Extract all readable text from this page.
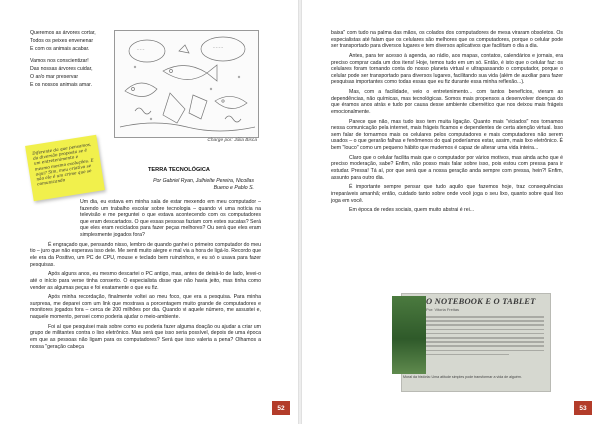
Queremos as árvores cortar,

Todos os peixes envenenar

E com os animais acabar.

Vamos nos conscientizar!

Das nossas árvores cuidar,

O ar/o mar preservar

E os nossos animais amar.

~ ~ ~	~ ~ ~ ~
Charge por: Júlia Bisca
Diferente da que pensamos, da diversão proposta se é um entretenimento e mesmo mesmo evoluções. E aqui? Sim, meu criativo se não ele é um crime que se comunicando
TERRA TECNOLÓGICA
Por Gabriel Ryan, Julhielte Pereira, Nicollas
Bueno e Pablo S.

Um dia, eu estava em minha sala de estar mexendo em meu computador – fazendo um trabalho escolar sobre tecnologia – quando vi uma notícia na televisão e me perguntei o que estava acontecendo com os computadores que eram descartados. O que essas pessoas faziam com estes sucatas? Será que eles eram reciclados para fazer peças melhores? Ou será que eles eram simplesmente jogados fora?

É engraçado que, pensando nisso, lembro de quando ganhei o primeiro computador do meu tio – juro que não esperava isso dele. Me senti muito alegre e mal via a hora de ligá-lo. Recordo que ele era da Positivo, um PC de CPU, mouse e teclado bem ruinzinhos, e eu só o usava para fazer pesquisas.

Após alguns anos, eu mesmo descartei o PC antigo, mas, antes de deixá-lo de lado, levei-o até o início para verse tinha conserto. O especialista disse que não havia jeito, mas tinha como vender as algumas peças e foi exatamente o que eu fiz.

Após minha recordação, finalmente voltei ao meu foco, que era a pesquisa. Para minha surpresa, me deparei com um link que mostrava a porcentagem muito grande de computadores e monitores jogados fora – cerca de 200 milhões por dia. Quando vi aquele número, me assustei e, naquele momento, pensei como poderia ajudar o meio-ambiente.

Foi aí que pesquisei mais sobre como eu poderia fazer alguma doação ou ajudar a criar um grupo de militantes contra o lixo eletrônico. Mas será que isso seria possível, depois de uma época em que as pessoas não ligam para os computadores? Será que isso valeria a pena? Olhamos a nossa "geração cabeça

52

baixa" com tudo na palma das mãos, os colados dos computadores de mesa viraram obsoletos. Os especialistas até falam que os celulares são melhores que os computadores, porque o celular pode ser transportado para diversos lugares e tem diversos aplicativos que facilitam o dia a dia.

Antes, para ter acesso à agenda, ao rádio, aos mapas, contatos, calendários e jornais, era preciso comprar cada um dos itens! Hoje, temos tudo em um só. Então, é isto que o celular faz: os celulares foram tornando conta do nosso planeta virtual e ultrapassando o computador, porque o celular pode ser transportado para diversos lugares, facilitando sua vida (além de auxiliar para fazer pesquisas importantes como todas essas que eu fiz durante essa minha reflexão...).

Mas, com a facilidade, veio o entretenimento... com tantos benefícios, vieram as dependências, não químicas, mas tecnológicas. Somos mais propensos a desenvolver doenças do que éramos anos atrás e tudo por causa desse ambiente cibernético que nos deixou mais frágeis emocionalmente.

Parece que não, mas tudo isso tem muita ligação. Quanto mais "viciados" nos tornamos nessa comunicação pela internet, mais frágeis ficamos e dependentes de certa atenção virtual. Isso sem falar de tornarmos mais os celulares pelos computadores e mais computadores não serem usados – o que gerarão falhas e fenômenos do qual poderíamos estar, assim, mais lixo eletrônico. É bem "louco" como um pequeno hábito que mudemos é capaz de alterar uma vida inteira...

Claro que o celular facilita mais que o computador por vários motivos, mas ainda acho que é preciso moderação, sabe? Enfim, não posso mais falar sobre isso, pois estou com pressa para ir estudar. Pressa! Tá aí, por que será que a nossa geração anda sempre com pressa, hein?! Enfim, assunto para outro dia.

É importante sempre pensar que tudo aquilo que fazemos hoje, traz consequências irreparáveis amanhã; então, cuidado tanto sobre onde você joga o seu lixo, quanto sobre qual lixo joga em você.

Em época de redes sociais, quem muito abstrai é rei...

53
O NOTEBOOK E O TABLET
Por: Vitoria Freitas
Moral da história: Uma atitude simples pode transformar a vida de alguém.
